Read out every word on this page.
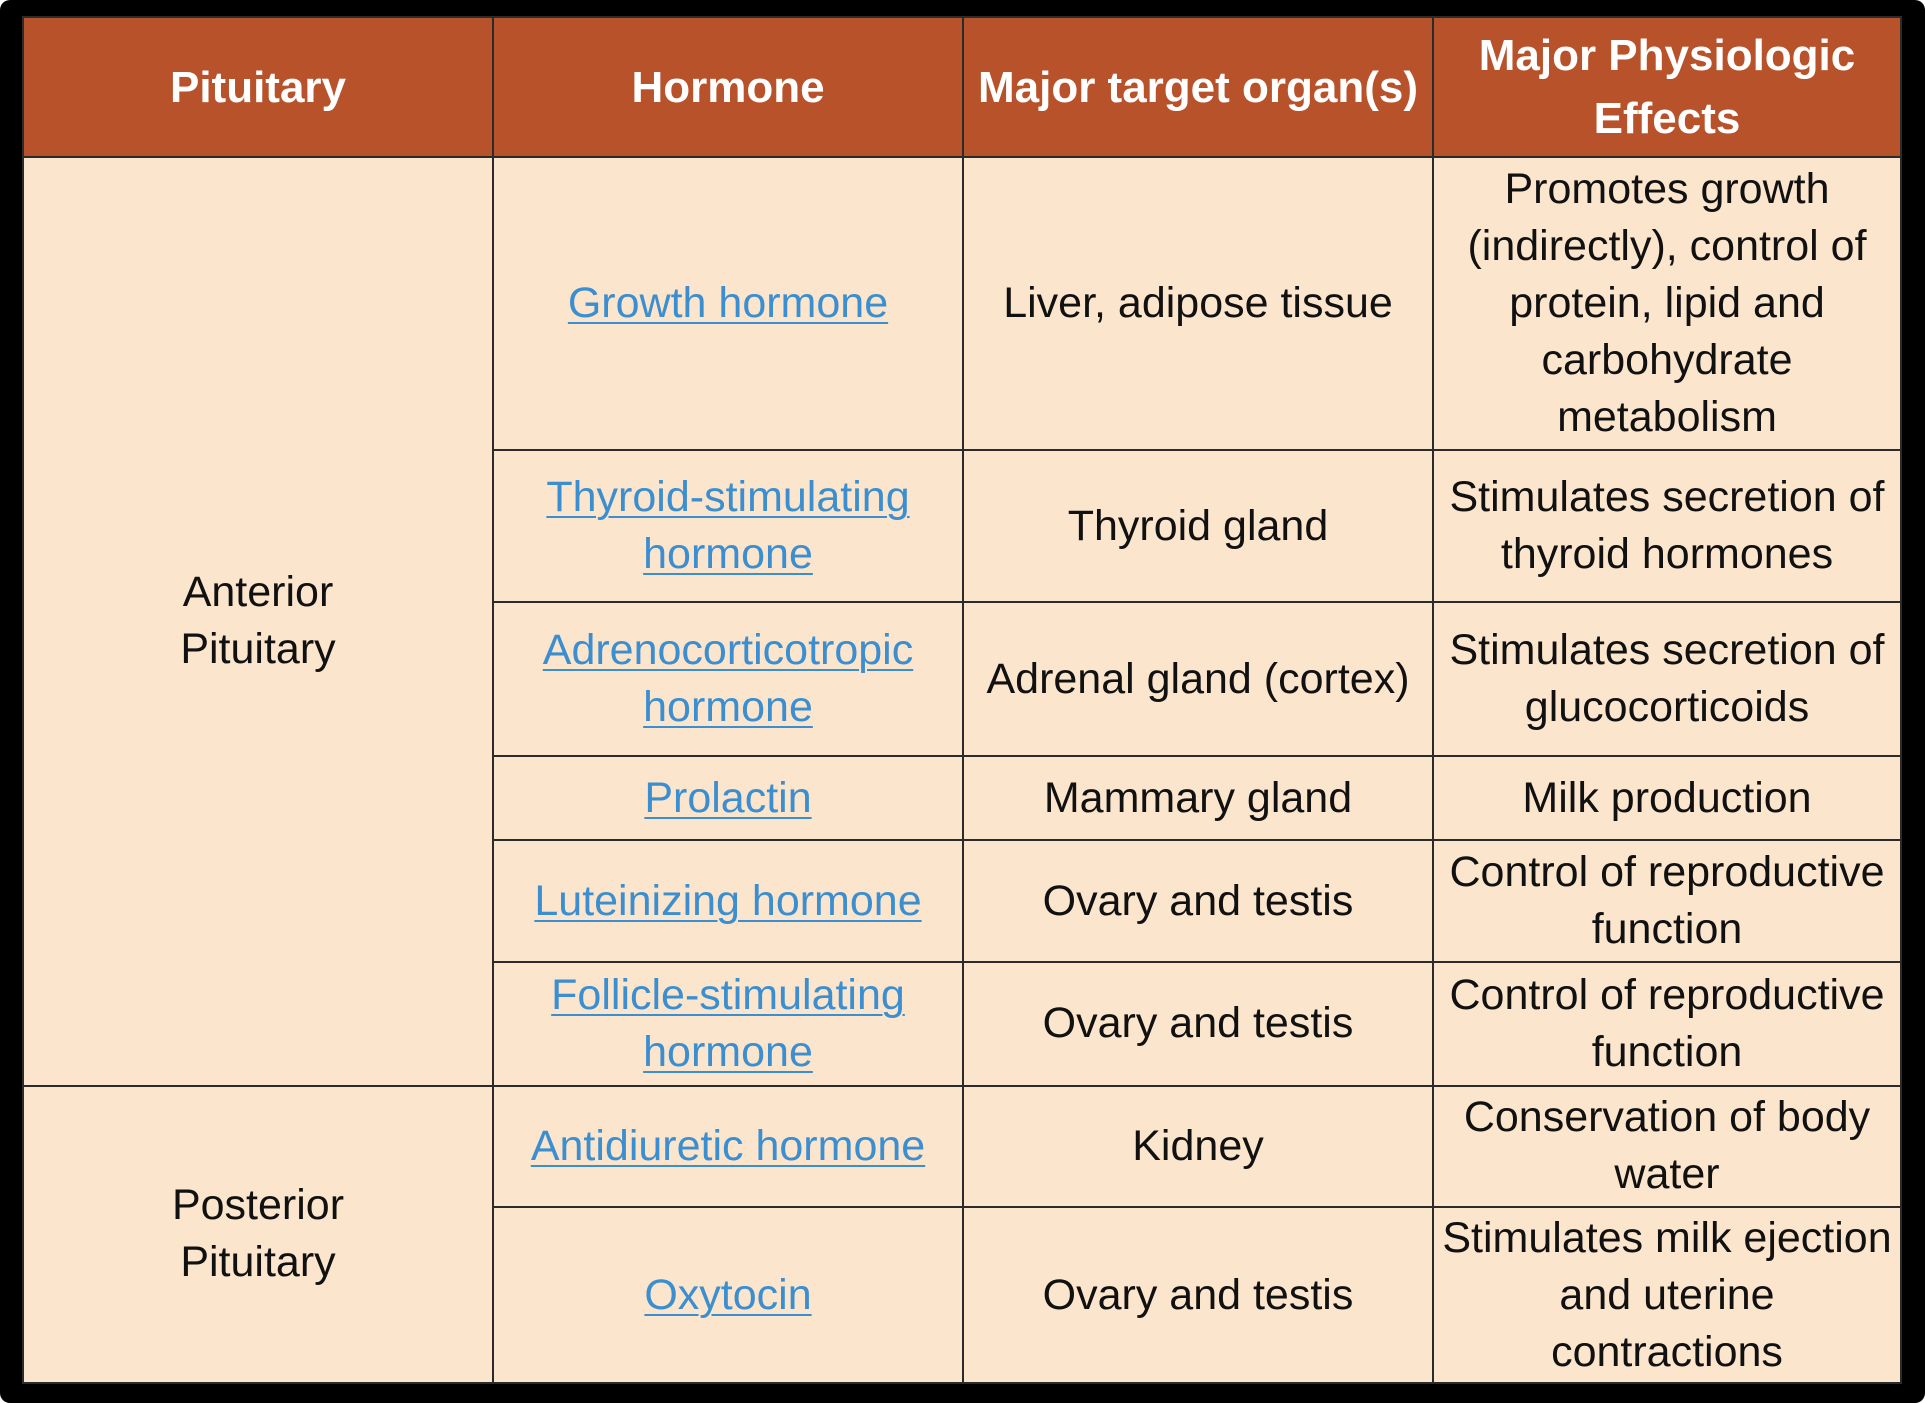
Pituitary	Hormone	Major target organ(s)	Major Physiologic Effects
Anterior Pituitary	Growth hormone	Liver, adipose tissue	Promotes growth (indirectly), control of protein, lipid and carbohydrate metabolism
	Thyroid-stimulating hormone	Thyroid gland	Stimulates secretion of thyroid hormones
	Adrenocorticotropic hormone	Adrenal gland (cortex)	Stimulates secretion of glucocorticoids
	Prolactin	Mammary gland	Milk production
	Luteinizing hormone	Ovary and testis	Control of reproductive function
	Follicle-stimulating hormone	Ovary and testis	Control of reproductive function
Posterior Pituitary	Antidiuretic hormone	Kidney	Conservation of body water
	Oxytocin	Ovary and testis	Stimulates milk ejection and uterine contractions
